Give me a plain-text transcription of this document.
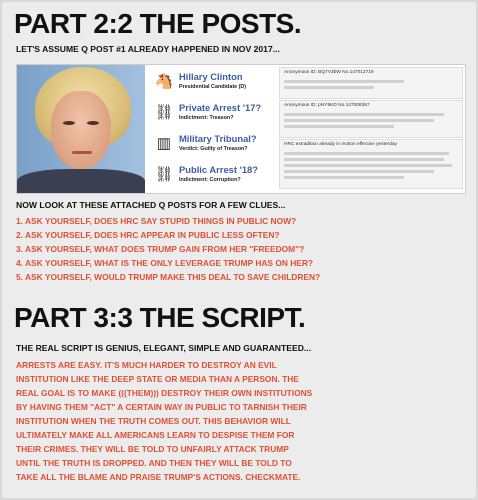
PART 2:2 THE POSTS.
LET'S ASSUME Q POST #1 ALREADY HAPPENED IN NOV 2017...
🐴 Hillary Clinton
Presidential Candidate (D)
⛓ Private Arrest '17?
Indictment: Treason?
▥ Military Tribunal?
Verdict: Guilty of Treason?
⛓ Public Arrest '18?
Indictment: Corruption?
Anonymous ID: BQ7V3bW No.147012719
Anonymous ID: pNY5KD No.147008367
HRC extradition already in motion effective yesterday
NOW LOOK AT THESE ATTACHED Q POSTS FOR A FEW CLUES...
1. ASK YOURSELF, DOES HRC SAY STUPID THINGS IN PUBLIC NOW?
2. ASK YOURSELF, DOES HRC APPEAR IN PUBLIC LESS OFTEN?
3. ASK YOURSELF, WHAT DOES TRUMP GAIN FROM HER "FREEDOM"?
4. ASK YOURSELF, WHAT IS THE ONLY LEVERAGE TRUMP HAS ON HER?
5. ASK YOURSELF, WOULD TRUMP MAKE THIS DEAL TO SAVE CHILDREN?
PART 3:3 THE SCRIPT.
THE REAL SCRIPT IS GENIUS, ELEGANT, SIMPLE AND GUARANTEED...
ARRESTS ARE EASY. IT'S MUCH HARDER TO DESTROY AN EVIL
INSTITUTION LIKE THE DEEP STATE OR MEDIA THAN A PERSON. THE
REAL GOAL IS TO MAKE (((THEM))) DESTROY THEIR OWN INSTITUTIONS
BY HAVING THEM "ACT" A CERTAIN WAY IN PUBLIC TO TARNISH THEIR
INSTITUTION WHEN THE TRUTH COMES OUT. THIS BEHAVIOR WILL
ULTIMATELY MAKE ALL AMERICANS LEARN TO DESPISE THEM FOR
THEIR CRIMES. THEY WILL BE TOLD TO UNFAIRLY ATTACK TRUMP
UNTIL THE TRUTH IS DROPPED. AND THEN THEY WILL BE TOLD TO
TAKE ALL THE BLAME AND PRAISE TRUMP'S ACTIONS. CHECKMATE.
